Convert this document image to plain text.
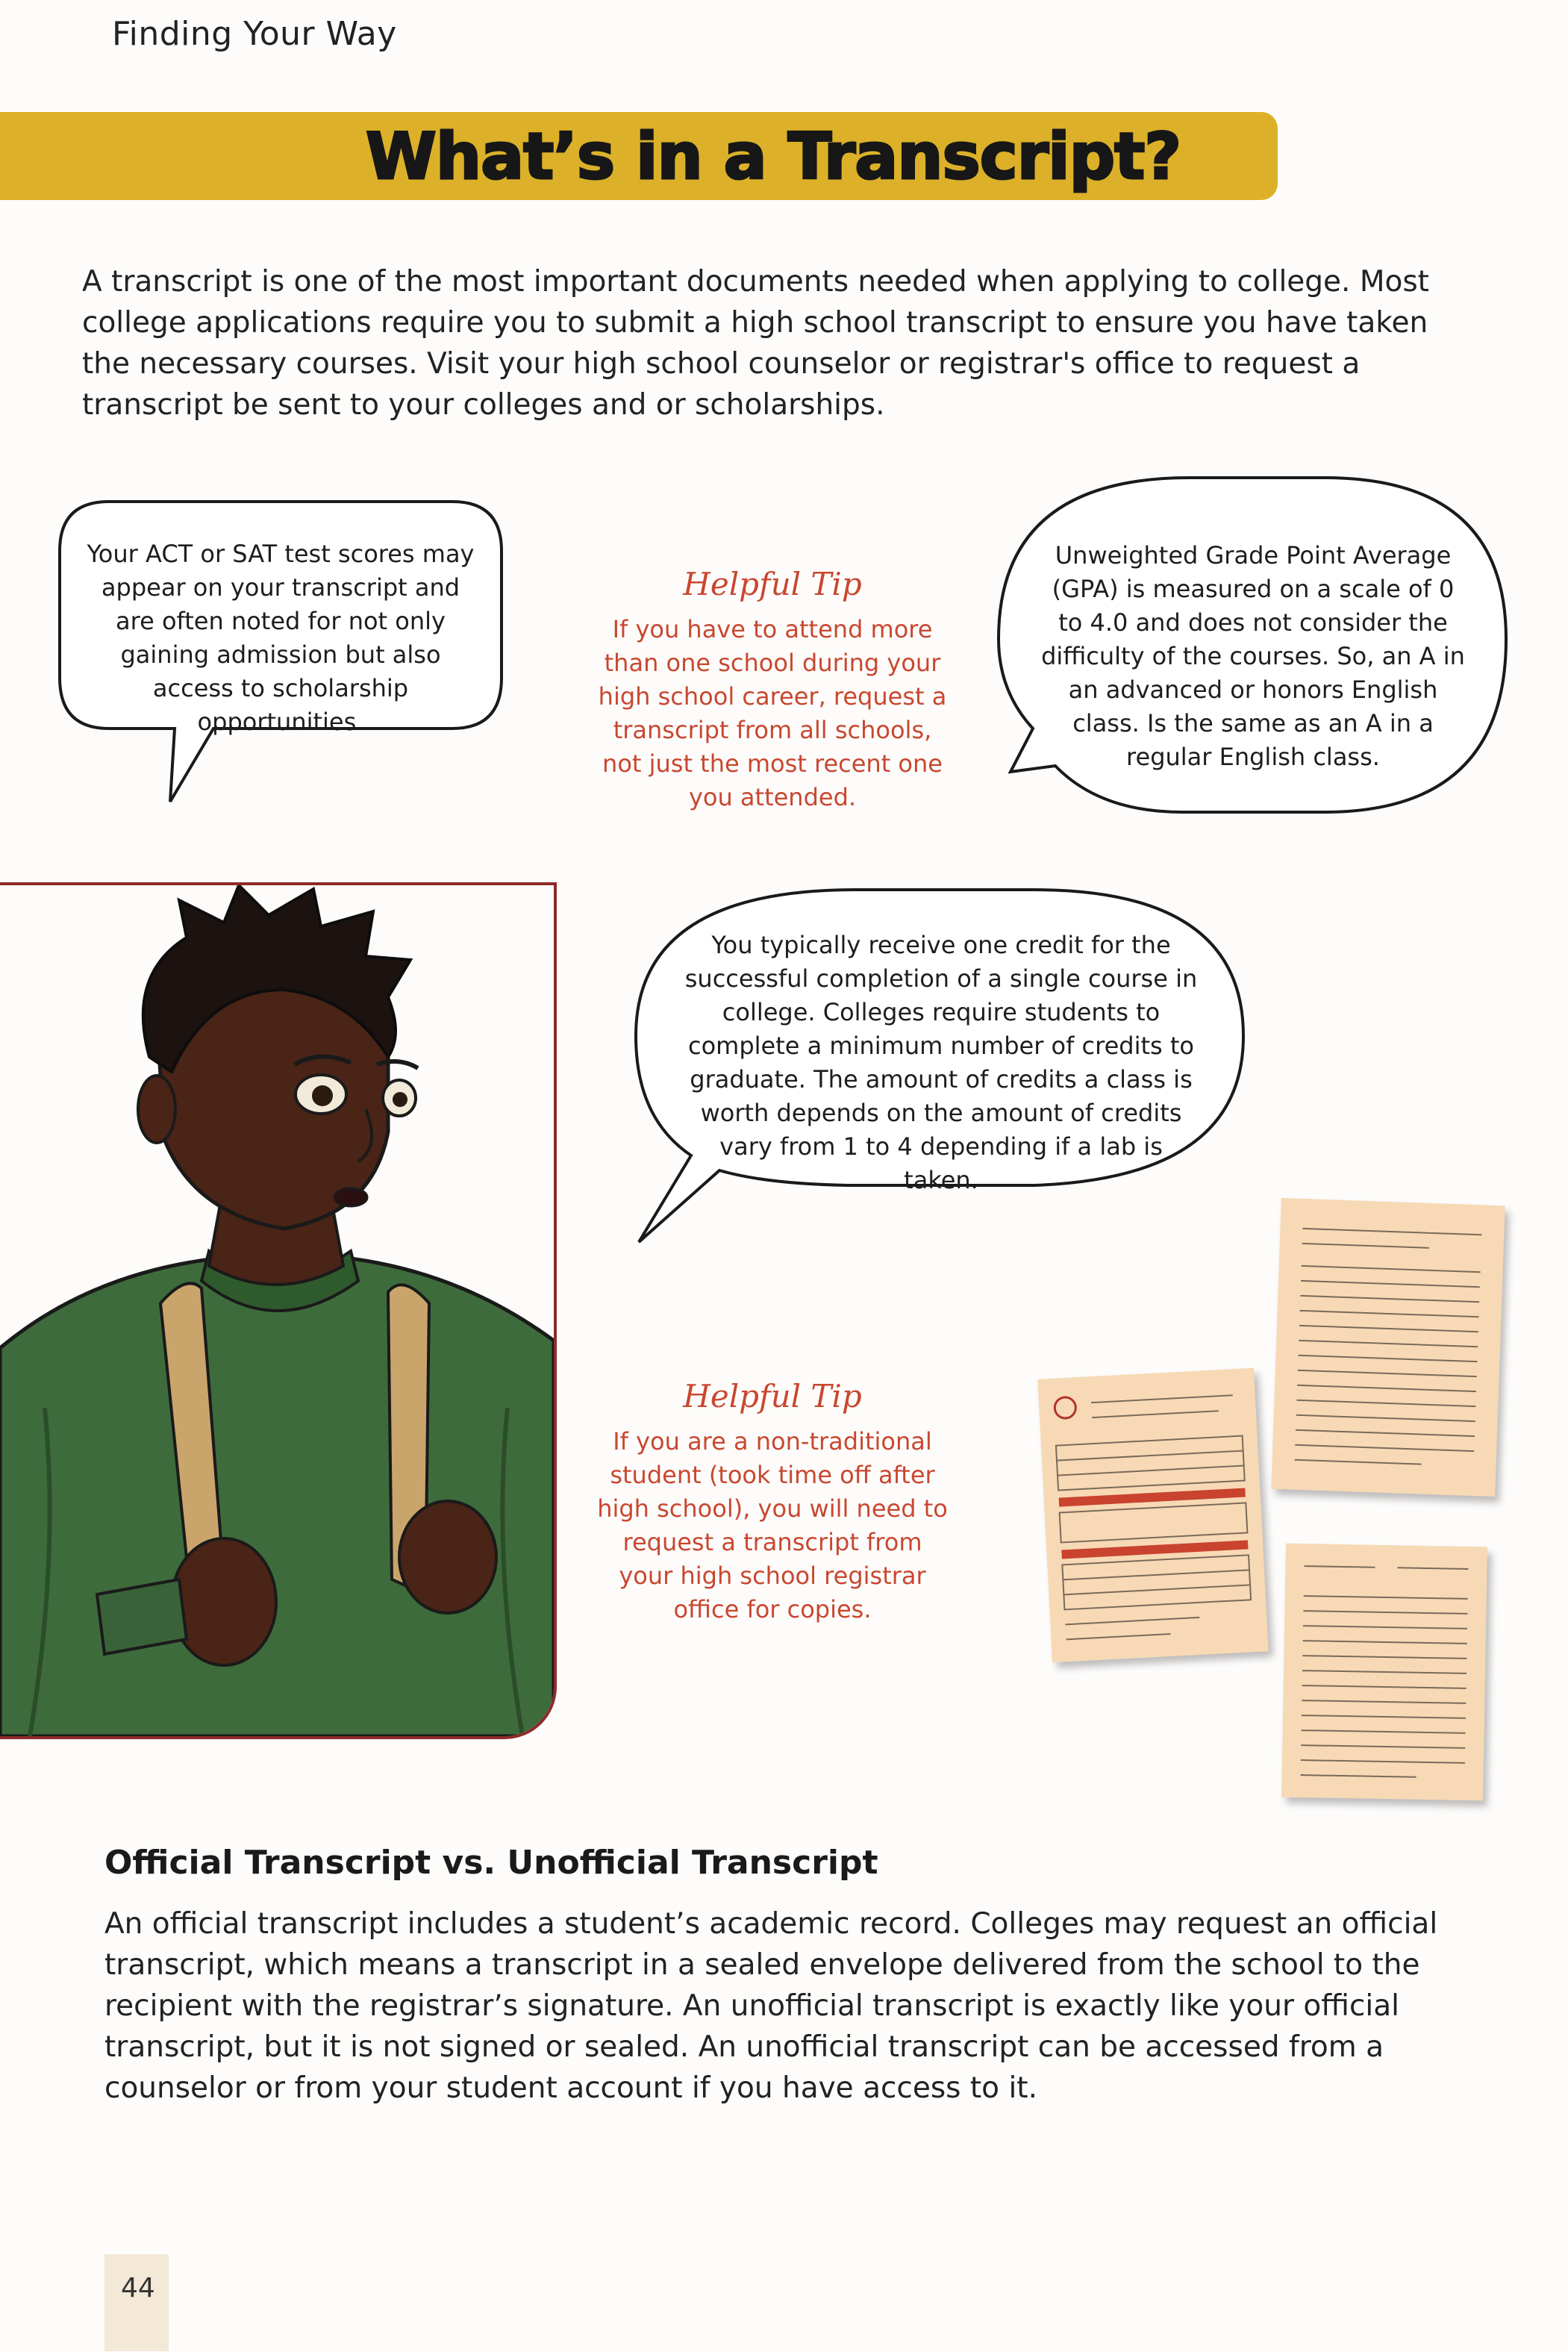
Finding Your Way
What’s in a Transcript?
A transcript is one of the most important documents needed when applying to college. Most college applications require you to submit a high school transcript to ensure you have taken the necessary courses. Visit your high school counselor or registrar's office to request a transcript be sent to your colleges and or scholarships.
Your ACT or SAT test scores may appear on your transcript and are often noted for not only gaining admission but also access to scholarship opportunities.
Helpful Tip
If you have to attend more than one school during your high school career, request a transcript from all schools, not just the most recent one you attended.
Unweighted Grade Point Average (GPA) is measured on a scale of 0 to 4.0 and does not consider the difficulty of the courses. So, an A in an advanced or honors English class. Is the same as an A in a regular English class.
You typically receive one credit for the successful completion of a single course in college. Colleges require students to complete a minimum number of credits to graduate. The amount of credits a class is worth depends on the amount of credits vary from 1 to 4 depending if a lab is taken.
Helpful Tip
If you are a non-traditional student (took time off after high school), you will need to request a transcript from your high school registrar office for copies.
Official Transcript vs. Unofficial Transcript
An official transcript includes a student’s academic record. Colleges may request an official transcript, which means a transcript in a sealed envelope delivered from the school to the recipient with the registrar’s signature. An unofficial transcript is exactly like your official transcript, but it is not signed or sealed. An unofficial transcript can be accessed from a counselor or from your student account if you have access to it.
44
